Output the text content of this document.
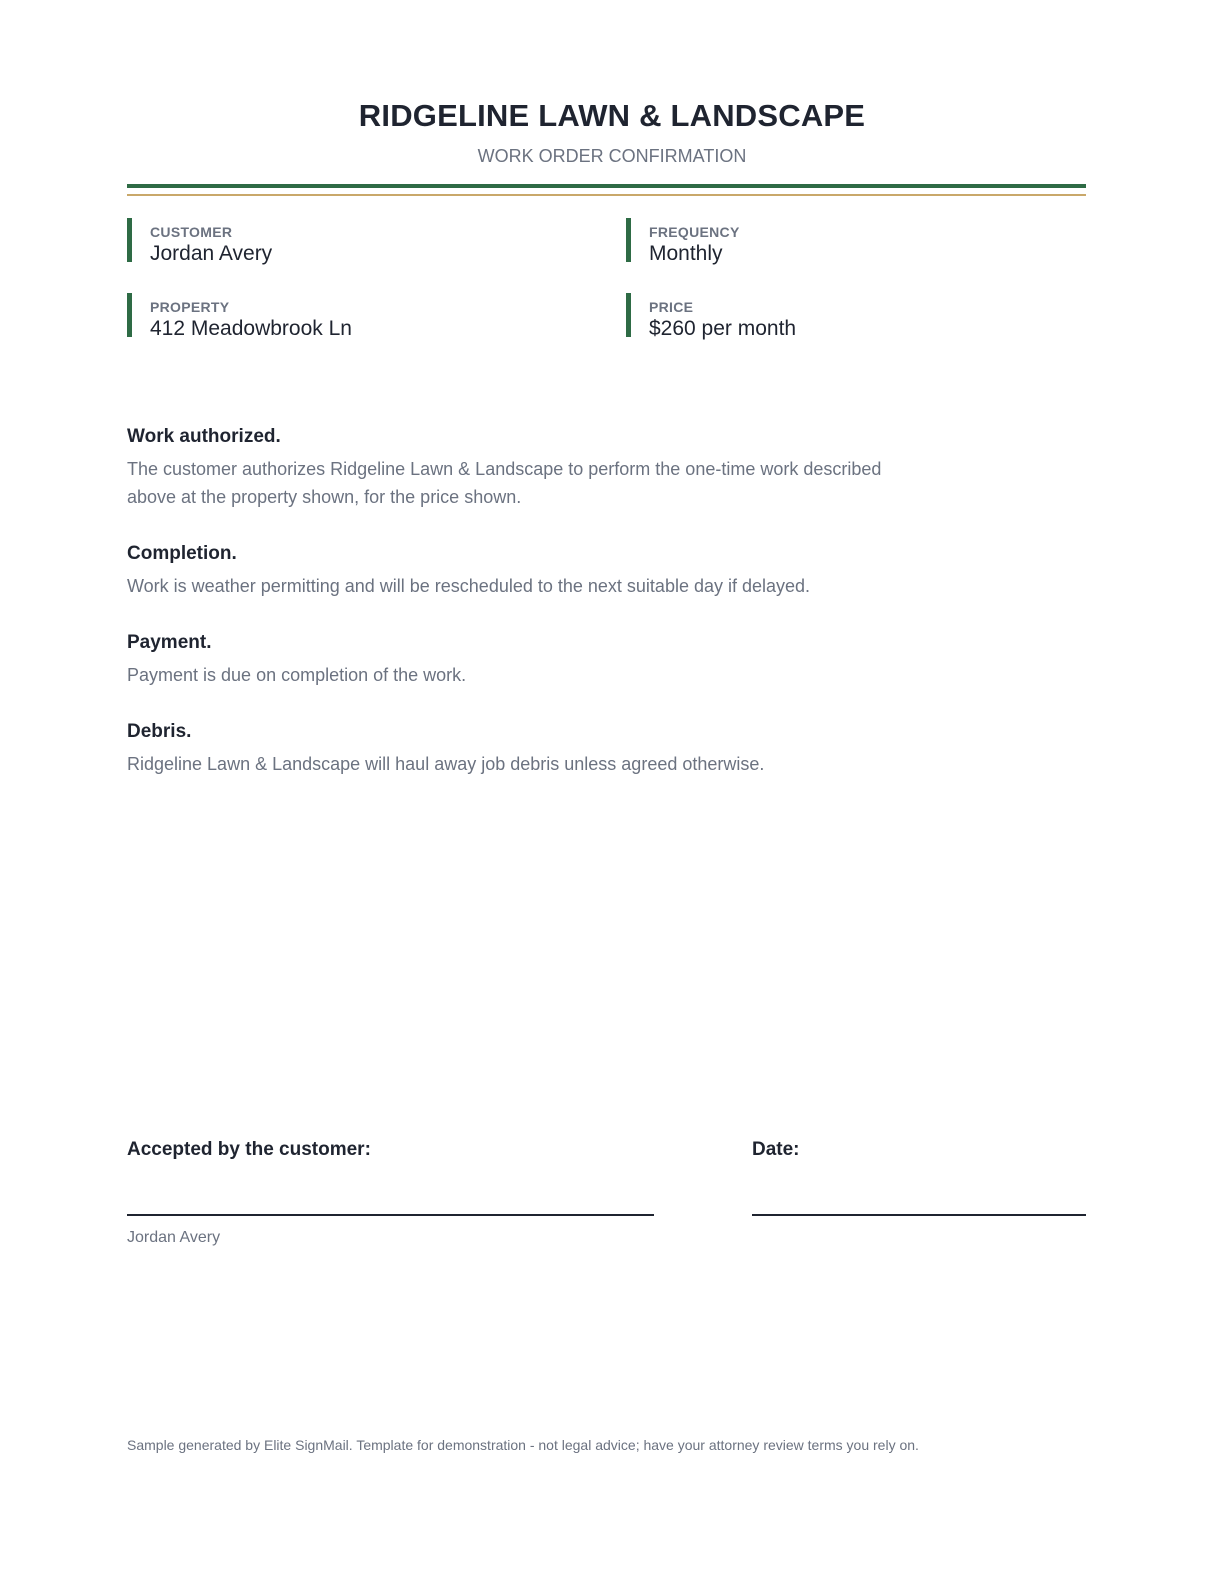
RIDGELINE LAWN & LANDSCAPE
WORK ORDER CONFIRMATION
CUSTOMER
Jordan Avery
FREQUENCY
Monthly
PROPERTY
412 Meadowbrook Ln
PRICE
$260 per month
Work authorized.
The customer authorizes Ridgeline Lawn & Landscape to perform the one-time work described above at the property shown, for the price shown.
Completion.
Work is weather permitting and will be rescheduled to the next suitable day if delayed.
Payment.
Payment is due on completion of the work.
Debris.
Ridgeline Lawn & Landscape will haul away job debris unless agreed otherwise.
Accepted by the customer:	Date:
Jordan Avery
Sample generated by Elite SignMail. Template for demonstration - not legal advice; have your attorney review terms you rely on.
